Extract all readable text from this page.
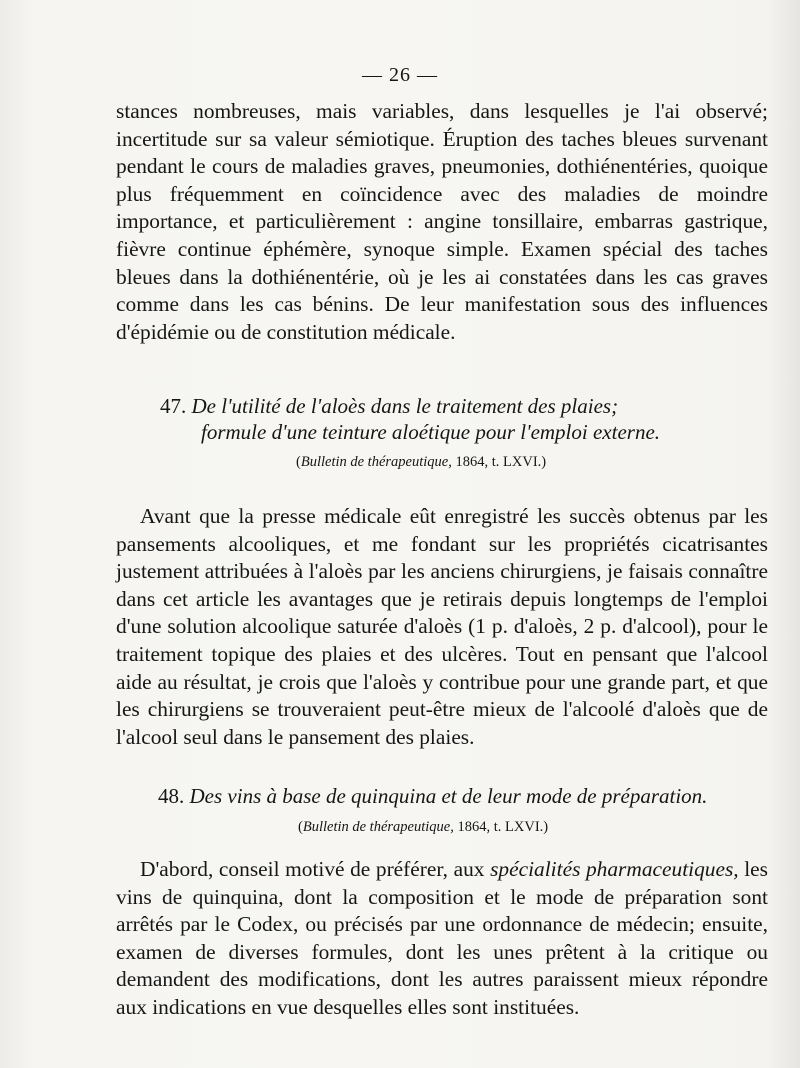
— 26 —
stances nombreuses, mais variables, dans lesquelles je l'ai observé; incertitude sur sa valeur sémiotique. Éruption des taches bleues survenant pendant le cours de maladies graves, pneumonies, dothiénentéries, quoique plus fréquemment en coïncidence avec des maladies de moindre importance, et particulièrement : angine tonsillaire, embarras gastrique, fièvre continue éphémère, synoque simple. Examen spécial des taches bleues dans la dothiénentérie, où je les ai constatées dans les cas graves comme dans les cas bénins. De leur manifestation sous des influences d'épidémie ou de constitution médicale.
47. De l'utilité de l'aloès dans le traitement des plaies;
formule d'une teinture aloétique pour l'emploi externe.
(Bulletin de thérapeutique, 1864, t. LXVI.)
Avant que la presse médicale eût enregistré les succès obtenus par les pansements alcooliques, et me fondant sur les propriétés cicatrisantes justement attribuées à l'aloès par les anciens chirurgiens, je faisais connaître dans cet article les avantages que je retirais depuis longtemps de l'emploi d'une solution alcoolique saturée d'aloès (1 p. d'aloès, 2 p. d'alcool), pour le traitement topique des plaies et des ulcères. Tout en pensant que l'alcool aide au résultat, je crois que l'aloès y contribue pour une grande part, et que les chirurgiens se trouveraient peut-être mieux de l'alcoolé d'aloès que de l'alcool seul dans le pansement des plaies.
48. Des vins à base de quinquina et de leur mode de préparation.
(Bulletin de thérapeutique, 1864, t. LXVI.)
D'abord, conseil motivé de préférer, aux spécialités pharmaceutiques, les vins de quinquina, dont la composition et le mode de préparation sont arrêtés par le Codex, ou précisés par une ordonnance de médecin; ensuite, examen de diverses formules, dont les unes prêtent à la critique ou demandent des modifications, dont les autres paraissent mieux répondre aux indications en vue desquelles elles sont instituées.
